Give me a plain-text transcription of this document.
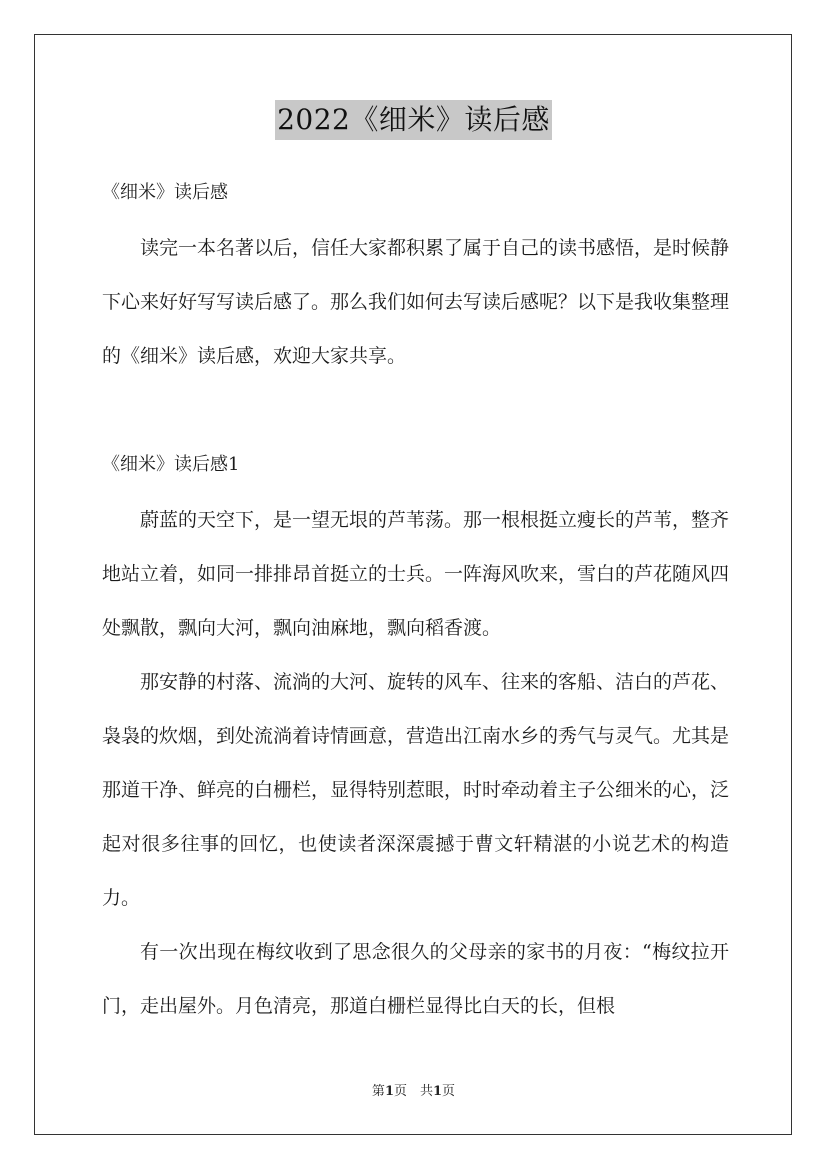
2022《细米》读后感
《细米》读后感
读完一本名著以后，信任大家都积累了属于自己的读书感悟，是时候静下心来好好写写读后感了。那么我们如何去写读后感呢？以下是我收集整理的《细米》读后感，欢迎大家共享。
《细米》读后感1
蔚蓝的天空下，是一望无垠的芦苇荡。那一根根挺立瘦长的芦苇，整齐地站立着，如同一排排昂首挺立的士兵。一阵海风吹来，雪白的芦花随风四处飘散，飘向大河，飘向油麻地，飘向稻香渡。
那安静的村落、流淌的大河、旋转的风车、往来的客船、洁白的芦花、袅袅的炊烟，到处流淌着诗情画意，营造出江南水乡的秀气与灵气。尤其是那道干净、鲜亮的白栅栏，显得特别惹眼，时时牵动着主子公细米的心，泛起对很多往事的回忆，也使读者深深震撼于曹文轩精湛的小说艺术的构造力。
有一次出现在梅纹收到了思念很久的父母亲的家书的月夜：“梅纹拉开门，走出屋外。月色清亮，那道白栅栏显得比白天的长，但根
第1页　共1页
